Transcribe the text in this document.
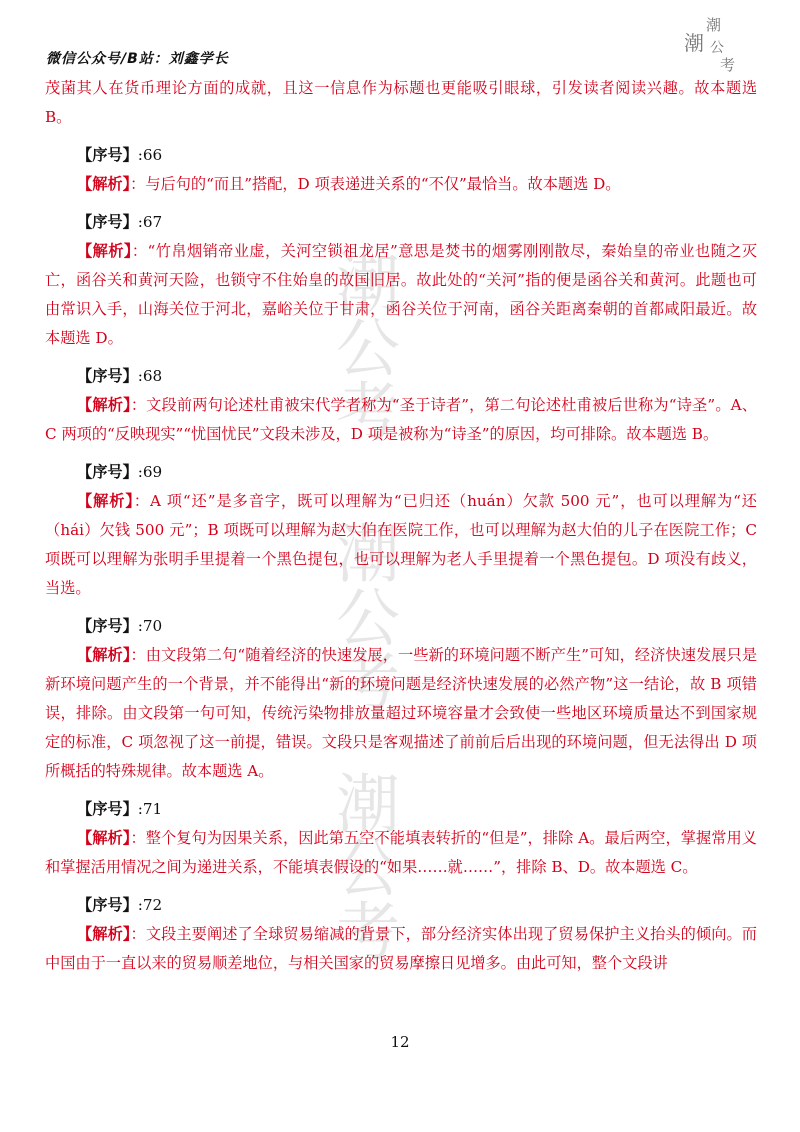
潮
潮 公
考
潮公考
潮公考
潮公考
微信公众号/B站：刘鑫学长

茂菌其人在货币理论方面的成就，且这一信息作为标题也更能吸引眼球，引发读者阅读兴趣。故本题选 B。

【序号】:66

【解析】：与后句的“而且”搭配，D 项表递进关系的“不仅”最恰当。故本题选 D。

【序号】:67

【解析】：“竹帛烟销帝业虚，关河空锁祖龙居”意思是焚书的烟雾刚刚散尽，秦始皇的帝业也随之灭亡，函谷关和黄河天险，也锁守不住始皇的故国旧居。故此处的“关河”指的便是函谷关和黄河。此题也可由常识入手，山海关位于河北，嘉峪关位于甘肃，函谷关位于河南，函谷关距离秦朝的首都咸阳最近。故本题选 D。

【序号】:68

【解析】：文段前两句论述杜甫被宋代学者称为“圣于诗者”，第二句论述杜甫被后世称为“诗圣”。A、C 两项的“反映现实”“忧国忧民”文段未涉及，D 项是被称为“诗圣”的原因，均可排除。故本题选 B。

【序号】:69

【解析】：A 项“还”是多音字，既可以理解为“已归还（huán）欠款 500 元”，也可以理解为“还（hái）欠钱 500 元”；B 项既可以理解为赵大伯在医院工作，也可以理解为赵大伯的儿子在医院工作；C 项既可以理解为张明手里提着一个黑色提包，也可以理解为老人手里提着一个黑色提包。D 项没有歧义，当选。

【序号】:70

【解析】：由文段第二句“随着经济的快速发展，一些新的环境问题不断产生”可知，经济快速发展只是新环境问题产生的一个背景，并不能得出“新的环境问题是经济快速发展的必然产物”这一结论，故 B 项错误，排除。由文段第一句可知，传统污染物排放量超过环境容量才会致使一些地区环境质量达不到国家规定的标准，C 项忽视了这一前提，错误。文段只是客观描述了前前后后出现的环境问题，但无法得出 D 项所概括的特殊规律。故本题选 A。

【序号】:71

【解析】：整个复句为因果关系，因此第五空不能填表转折的“但是”，排除 A。最后两空，掌握常用义和掌握活用情况之间为递进关系，不能填表假设的“如果……就……”，排除 B、D。故本题选 C。

【序号】:72

【解析】：文段主要阐述了全球贸易缩减的背景下，部分经济实体出现了贸易保护主义抬头的倾向。而中国由于一直以来的贸易顺差地位，与相关国家的贸易摩擦日见增多。由此可知，整个文段讲

12
